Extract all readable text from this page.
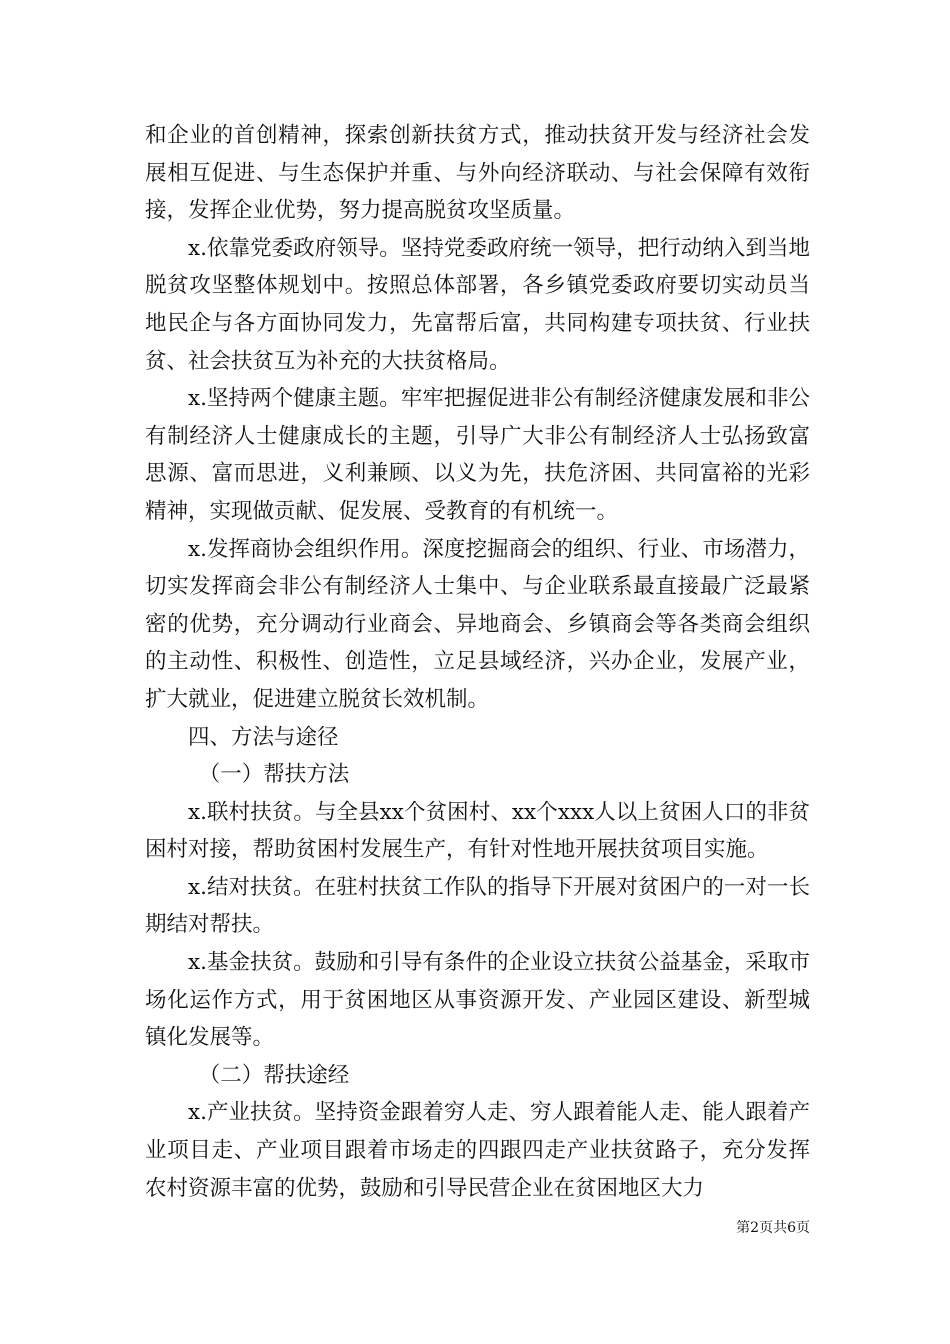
和企业的首创精神，探索创新扶贫方式，推动扶贫开发与经济社会发展相互促进、与生态保护并重、与外向经济联动、与社会保障有效衔接，发挥企业优势，努力提高脱贫攻坚质量。

x.依靠党委政府领导。坚持党委政府统一领导，把行动纳入到当地脱贫攻坚整体规划中。按照总体部署，各乡镇党委政府要切实动员当地民企与各方面协同发力，先富帮后富，共同构建专项扶贫、行业扶贫、社会扶贫互为补充的大扶贫格局。

x.坚持两个健康主题。牢牢把握促进非公有制经济健康发展和非公有制经济人士健康成长的主题，引导广大非公有制经济人士弘扬致富思源、富而思进，义利兼顾、以义为先，扶危济困、共同富裕的光彩精神，实现做贡献、促发展、受教育的有机统一。

x.发挥商协会组织作用。深度挖掘商会的组织、行业、市场潜力，切实发挥商会非公有制经济人士集中、与企业联系最直接最广泛最紧密的优势，充分调动行业商会、异地商会、乡镇商会等各类商会组织的主动性、积极性、创造性，立足县域经济，兴办企业，发展产业，扩大就业，促进建立脱贫长效机制。

四、方法与途径

（一）帮扶方法

x.联村扶贫。与全县xx个贫困村、xx个xxx人以上贫困人口的非贫困村对接，帮助贫困村发展生产，有针对性地开展扶贫项目实施。

x.结对扶贫。在驻村扶贫工作队的指导下开展对贫困户的一对一长期结对帮扶。

x.基金扶贫。鼓励和引导有条件的企业设立扶贫公益基金，采取市场化运作方式，用于贫困地区从事资源开发、产业园区建设、新型城镇化发展等。

（二）帮扶途经

x.产业扶贫。坚持资金跟着穷人走、穷人跟着能人走、能人跟着产业项目走、产业项目跟着市场走的四跟四走产业扶贫路子，充分发挥农村资源丰富的优势，鼓励和引导民营企业在贫困地区大力

第2页共6页
